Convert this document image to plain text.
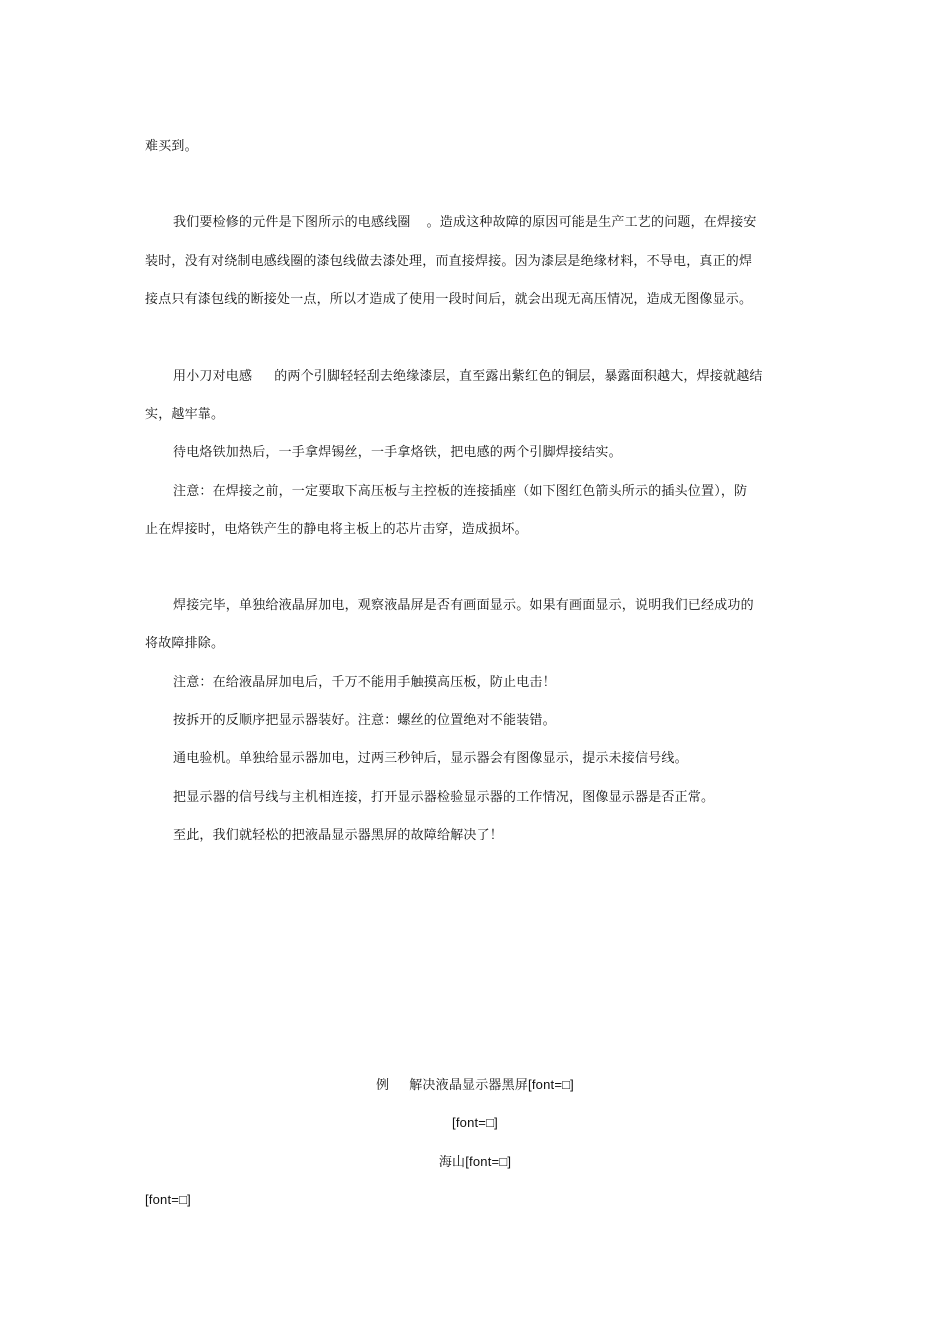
难买到。
我们要检修的元件是下图所示的电感线圈 。造成这种故障的原因可能是生产工艺的问题，在焊接安
装时，没有对绕制电感线圈的漆包线做去漆处理，而直接焊接。因为漆层是绝缘材料，不导电，真正的焊
接点只有漆包线的断接处一点，所以才造成了使用一段时间后，就会出现无高压情况，造成无图像显示。
用小刀对电感 的两个引脚轻轻刮去绝缘漆层，直至露出紫红色的铜层，暴露面积越大，焊接就越结
实，越牢靠。
待电烙铁加热后，一手拿焊锡丝，一手拿烙铁，把电感的两个引脚焊接结实。
注意：在焊接之前，一定要取下高压板与主控板的连接插座（如下图红色箭头所示的插头位置），防
止在焊接时，电烙铁产生的静电将主板上的芯片击穿，造成损坏。
焊接完毕，单独给液晶屏加电，观察液晶屏是否有画面显示。如果有画面显示，说明我们已经成功的
将故障排除。
注意：在给液晶屏加电后，千万不能用手触摸高压板，防止电击！
按拆开的反顺序把显示器装好。注意：螺丝的位置绝对不能装错。
通电验机。单独给显示器加电，过两三秒钟后，显示器会有图像显示，提示未接信号线。
把显示器的信号线与主机相连接，打开显示器检验显示器的工作情况，图像显示器是否正常。
至此，我们就轻松的把液晶显示器黑屏的故障给解决了！
例 解决液晶显示器黑屏[font=□]
[font=□]
海山[font=□]
[font=□]
